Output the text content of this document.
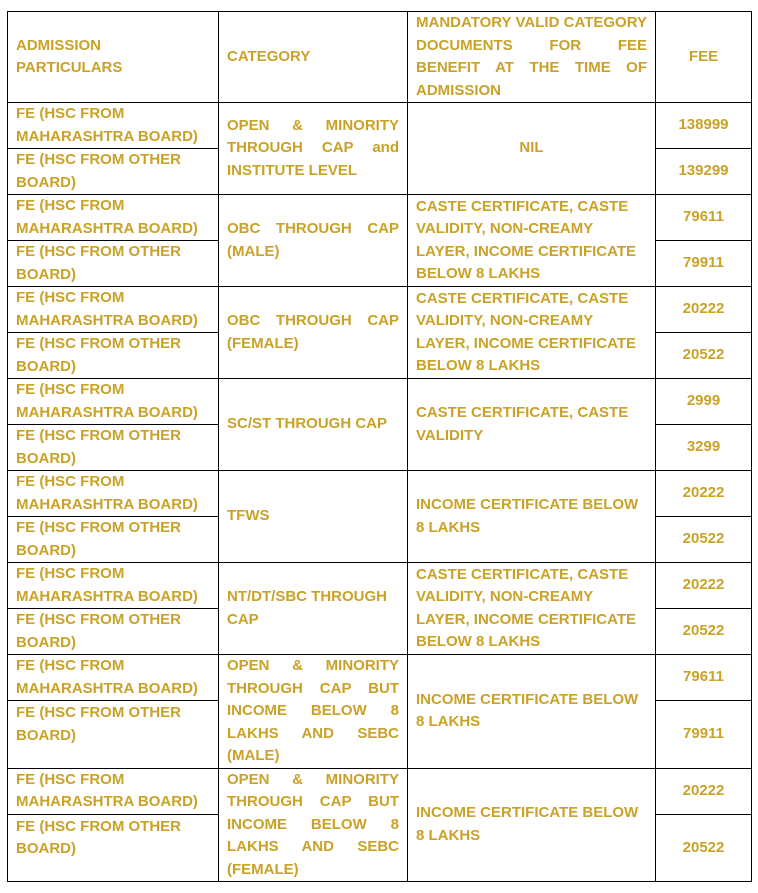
ADMISSION PARTICULARS	CATEGORY	MANDATORY VALID CATEGORY DOCUMENTS FOR FEE BENEFIT AT THE TIME OF ADMISSION	FEE
FE (HSC FROM MAHARASHTRA BOARD)	OPEN & MINORITY THROUGH CAP and INSTITUTE LEVEL	NIL	138999
FE (HSC FROM OTHER BOARD)			139299
FE (HSC FROM MAHARASHTRA BOARD)	OBC THROUGH CAP (MALE)	CASTE CERTIFICATE, CASTE VALIDITY, NON-CREAMY LAYER, INCOME CERTIFICATE BELOW 8 LAKHS	79611
FE (HSC FROM OTHER BOARD)			79911
FE (HSC FROM MAHARASHTRA BOARD)	OBC THROUGH CAP (FEMALE)	CASTE CERTIFICATE, CASTE VALIDITY, NON-CREAMY LAYER, INCOME CERTIFICATE BELOW 8 LAKHS	20222
FE (HSC FROM OTHER BOARD)			20522
FE (HSC FROM MAHARASHTRA BOARD)	SC/ST THROUGH CAP	CASTE CERTIFICATE, CASTE VALIDITY	2999
FE (HSC FROM OTHER BOARD)			3299
FE (HSC FROM MAHARASHTRA BOARD)	TFWS	INCOME CERTIFICATE BELOW 8 LAKHS	20222
FE (HSC FROM OTHER BOARD)			20522
FE (HSC FROM MAHARASHTRA BOARD)	NT/DT/SBC THROUGH CAP	CASTE CERTIFICATE, CASTE VALIDITY, NON-CREAMY LAYER, INCOME CERTIFICATE BELOW 8 LAKHS	20222
FE (HSC FROM OTHER BOARD)			20522
FE (HSC FROM MAHARASHTRA BOARD)	OPEN & MINORITY THROUGH CAP BUT INCOME BELOW 8 LAKHS AND SEBC (MALE)	INCOME CERTIFICATE BELOW 8 LAKHS	79611
FE (HSC FROM OTHER BOARD)			79911
FE (HSC FROM MAHARASHTRA BOARD)	OPEN & MINORITY THROUGH CAP BUT INCOME BELOW 8 LAKHS AND SEBC (FEMALE)	INCOME CERTIFICATE BELOW 8 LAKHS	20222
FE (HSC FROM OTHER BOARD)			20522
